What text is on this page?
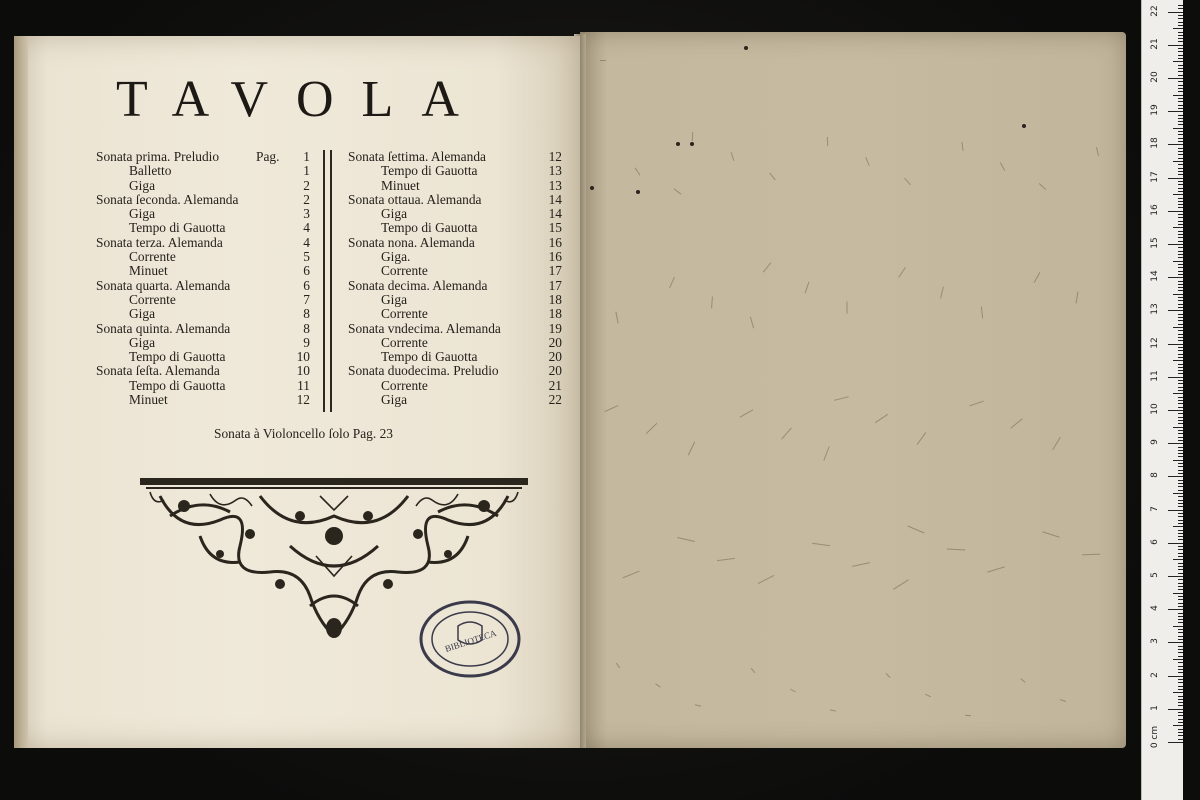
TAVOLA
Sonata prima. Preludio	Pag.	1
Balletto	1
Giga	2
Sonata ſeconda. Alemanda	2
Giga	3
Tempo di Gauotta	4
Sonata terza. Alemanda	4
Corrente	5
Minuet	6
Sonata quarta. Alemanda	6
Corrente	7
Giga	8
Sonata quinta. Alemanda	8
Giga	9
Tempo di Gauotta	10
Sonata ſeſta. Alemanda	10
Tempo di Gauotta	11
Minuet	12
Sonata ſettima. Alemanda	12
Tempo di Gauotta	13
Minuet	13
Sonata ottaua. Alemanda	14
Giga	14
Tempo di Gauotta	15
Sonata nona. Alemanda	16
Giga.	16
Corrente	17
Sonata decima. Alemanda	17
Giga	18
Corrente	18
Sonata vndecima. Alemanda	19
Corrente	20
Tempo di Gauotta	20
Sonata duodecima. Preludio	20
Corrente	21
Giga	22
Sonata à Violoncello ſolo Pag. 23
BIBLIOTECA
0 cm
1
2
3
4
5
6
7
8
9
10
11
12
13
14
15
16
17
18
19
20
21
22
